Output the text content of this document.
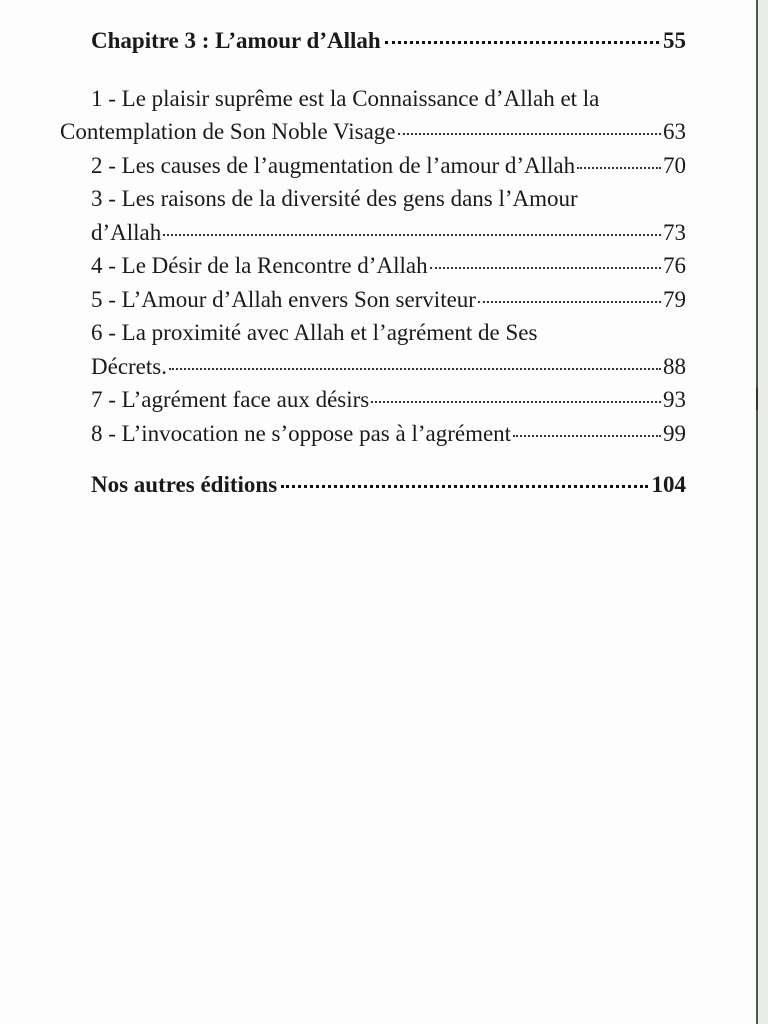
Chapitre 3 : L’amour d’Allah	55
1 - Le plaisir suprême est la Connaissance d’Allah et la
Contemplation de Son Noble Visage	63
2 - Les causes de l’augmentation de l’amour d’Allah	70
3 - Les raisons de la diversité des gens dans l’Amour
d’Allah	73
4 - Le Désir de la Rencontre d’Allah	76
5 - L’Amour d’Allah envers Son serviteur	79
6 - La proximité avec Allah et l’agrément de Ses
Décrets.	88
7 - L’agrément face aux désirs	93
8 - L’invocation ne s’oppose pas à l’agrément	99
Nos autres éditions	104
